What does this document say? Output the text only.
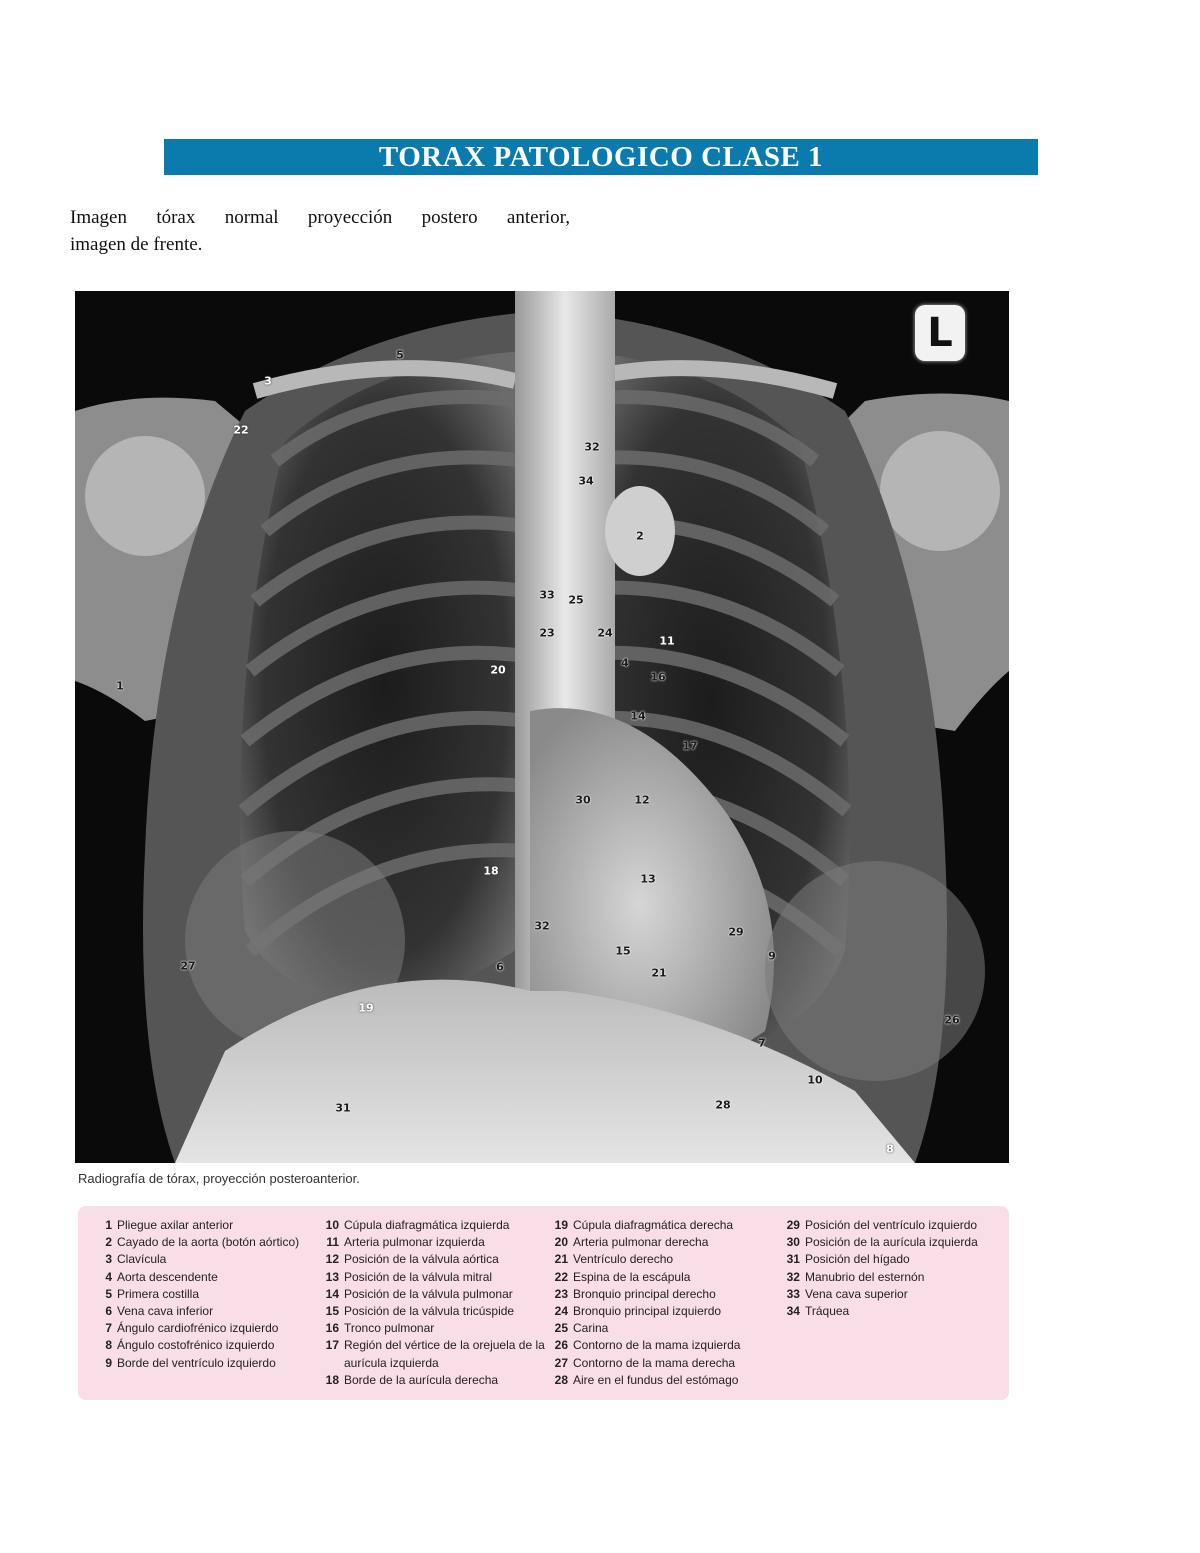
TORAX PATOLOGICO CLASE 1
Imagen tórax normal proyección postero anterior,
imagen de frente.
L
1
2
3
4
5
6
7
8
9
10
11
12
13
14
15
16
17
18
19
20
21
22
23	24
25
26
27
28
29
30
31
32
32
33
34
Radiografía de tórax, proyección posteroanterior.
1 Pliegue axilar anterior
2 Cayado de la aorta (botón aórtico)
3 Clavícula
4 Aorta descendente
5 Primera costilla
6 Vena cava inferior
7 Ángulo cardiofrénico izquierdo
8 Ángulo costofrénico izquierdo
9 Borde del ventrículo izquierdo
10 Cúpula diafragmática izquierda
11 Arteria pulmonar izquierda
12 Posición de la válvula aórtica
13 Posición de la válvula mitral
14 Posición de la válvula pulmonar
15 Posición de la válvula tricúspide
16 Tronco pulmonar
17 Región del vértice de la orejuela de la aurícula izquierda
18 Borde de la aurícula derecha
19 Cúpula diafragmática derecha
20 Arteria pulmonar derecha
21 Ventrículo derecho
22 Espina de la escápula
23 Bronquio principal derecho
24 Bronquio principal izquierdo
25 Carina
26 Contorno de la mama izquierda
27 Contorno de la mama derecha
28 Aire en el fundus del estómago
29 Posición del ventrículo izquierdo
30 Posición de la aurícula izquierda
31 Posición del hígado
32 Manubrio del esternón
33 Vena cava superior
34 Tráquea
